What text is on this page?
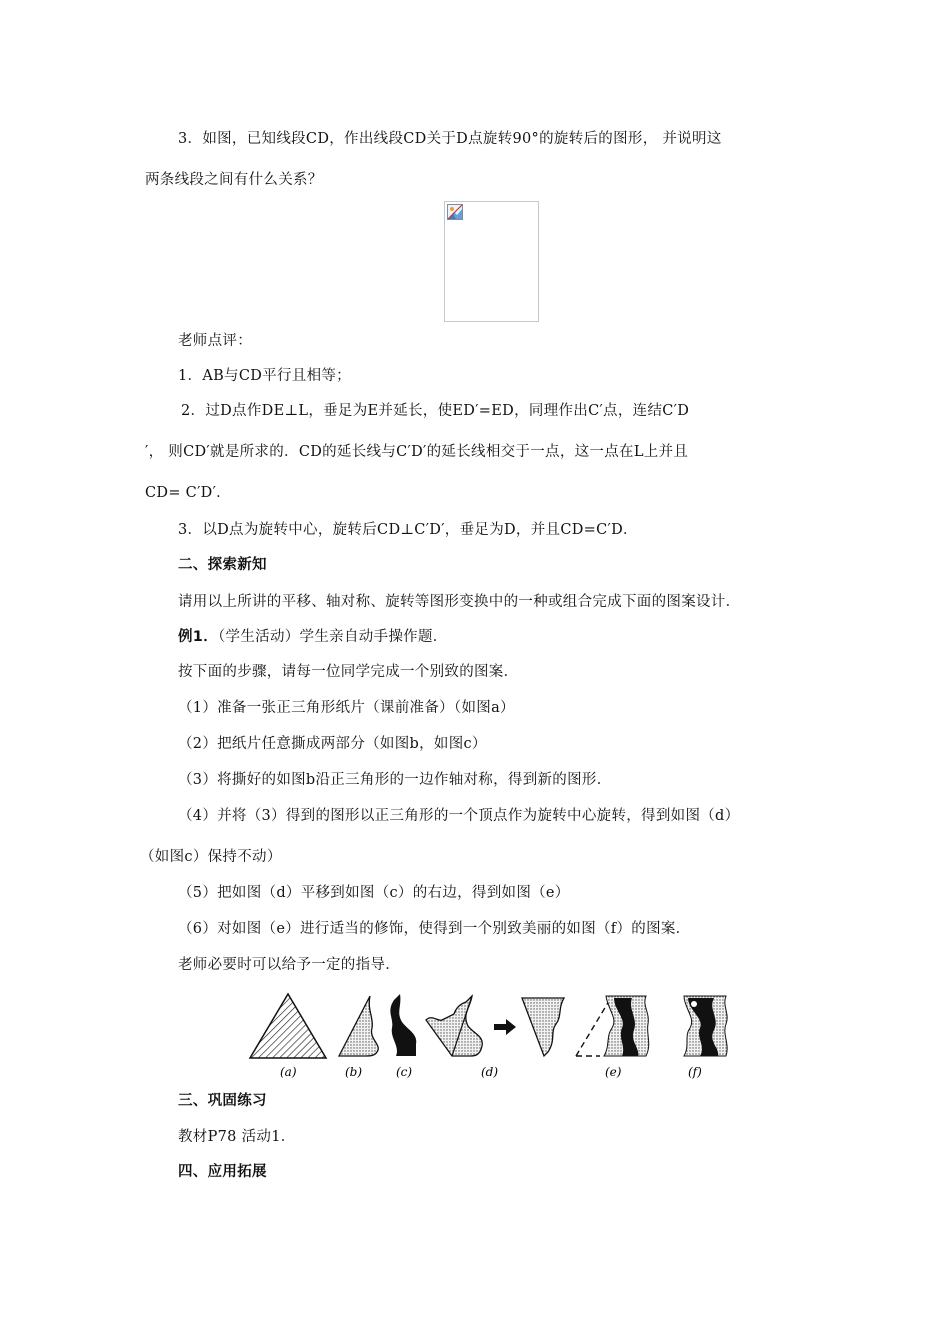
3．如图，已知线段CD，作出线段CD关于D点旋转90°的旋转后的图形， 并说明这
两条线段之间有什么关系？
老师点评：
1．AB与CD平行且相等；
2．过D点作DE⊥L，垂足为E并延长，使ED′=ED，同理作出C′点，连结C′D
′， 则CD′就是所求的．CD的延长线与C′D′的延长线相交于一点，这一点在L上并且
CD= C′D′．
3．以D点为旋转中心，旋转后CD⊥C′D′，垂足为D，并且CD=C′D．
二、探索新知
请用以上所讲的平移、轴对称、旋转等图形变换中的一种或组合完成下面的图案设计．
例1．（学生活动）学生亲自动手操作题．
按下面的步骤，请每一位同学完成一个别致的图案．
（1）准备一张正三角形纸片（课前准备）（如图a）
（2）把纸片任意撕成两部分（如图b，如图c）
（3）将撕好的如图b沿正三角形的一边作轴对称，得到新的图形．
（4）并将（3）得到的图形以正三角形的一个顶点作为旋转中心旋转，得到如图（d）
（如图c）保持不动）
（5）把如图（d）平移到如图（c）的右边，得到如图（e）
（6）对如图（e）进行适当的修饰，使得到一个别致美丽的如图（f）的图案．
老师必要时可以给予一定的指导．
(a)	(b)	(c)	(d)	(e)	(f)
三、巩固练习
教材P78 活动1．
四、应用拓展
